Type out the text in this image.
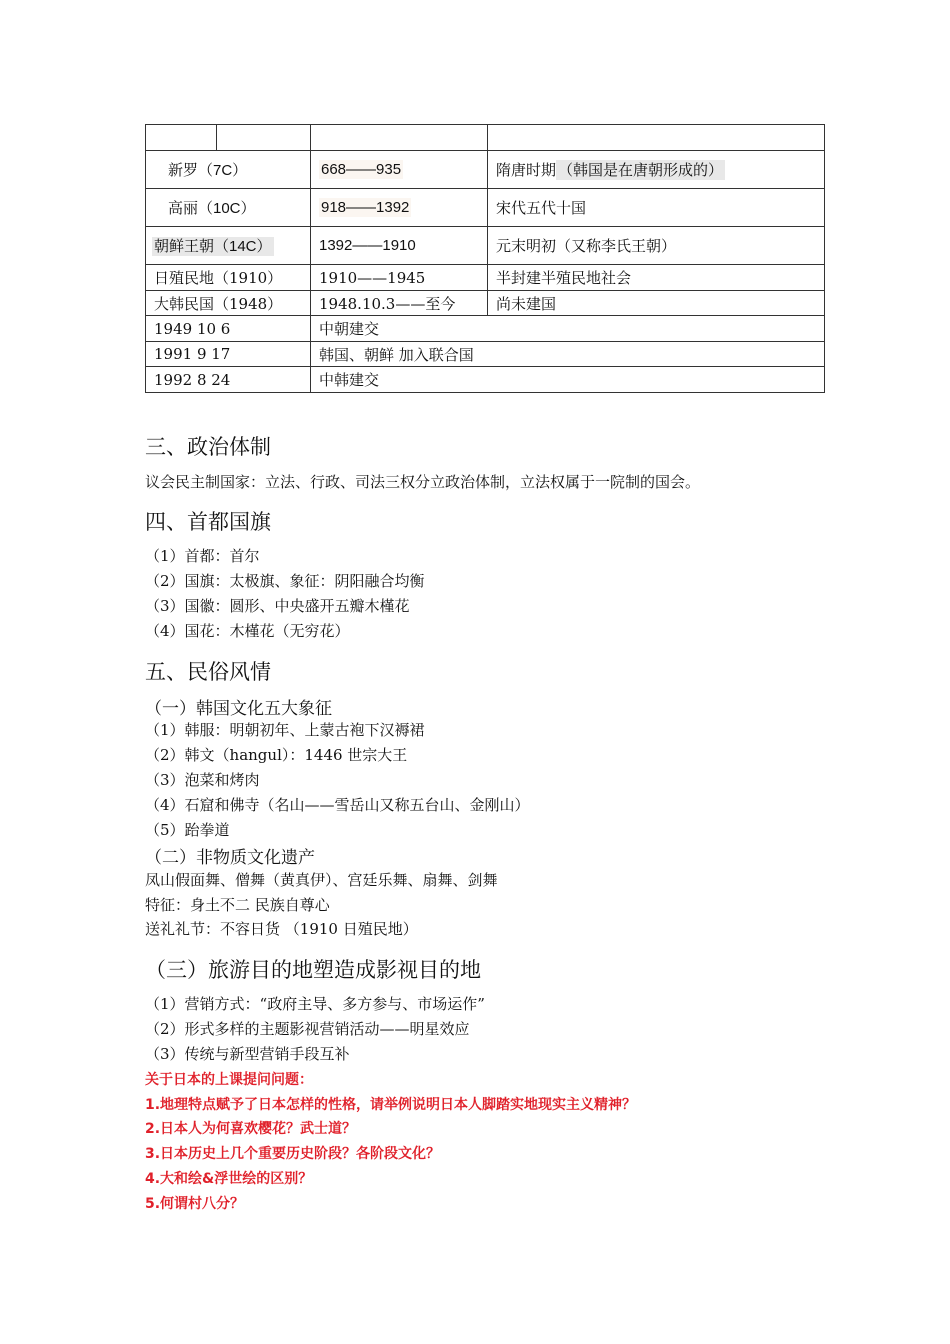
新罗（7C）		668——935	隋唐时期 （韩国是在唐朝形成的）
高丽（10C）		918——1392	宋代五代十国
朝鲜王朝（14C）		1392——1910	元末明初（又称李氏王朝）
日殖民地（1910）		1910——1945	半封建半殖民地社会
大韩民国（1948）		1948.10.3——至今	尚未建国
1949 10 6		中朝建交	
1991 9 17		韩国、朝鲜 加入联合国	
1992 8 24		中韩建交	
三、政治体制
议会民主制国家：立法、行政、司法三权分立政治体制，立法权属于一院制的国会。
四、首都国旗
（1）首都：首尔
（2）国旗：太极旗、象征：阴阳融合均衡
（3）国徽：圆形、中央盛开五瓣木槿花
（4）国花：木槿花（无穷花）
五、民俗风情
（一）韩国文化五大象征
（1）韩服：明朝初年、上蒙古袍下汉褥裙
（2）韩文（hangul）：1446 世宗大王
（3）泡菜和烤肉
（4）石窟和佛寺（名山——雪岳山又称五台山、金刚山）
（5）跆拳道
（二）非物质文化遗产
凤山假面舞、僧舞（黄真伊）、宫廷乐舞、扇舞、剑舞
特征：身土不二 民族自尊心
送礼礼节：不容日货 （1910 日殖民地）
（三）旅游目的地塑造成影视目的地
（1）营销方式：“政府主导、多方参与、市场运作”
（2）形式多样的主题影视营销活动——明星效应
（3）传统与新型营销手段互补
关于日本的上课提问问题：
1.地理特点赋予了日本怎样的性格，请举例说明日本人脚踏实地现实主义精神？
2.日本人为何喜欢樱花？武士道？
3.日本历史上几个重要历史阶段？各阶段文化？
4.大和绘&浮世绘的区别？
5.何谓村八分？
